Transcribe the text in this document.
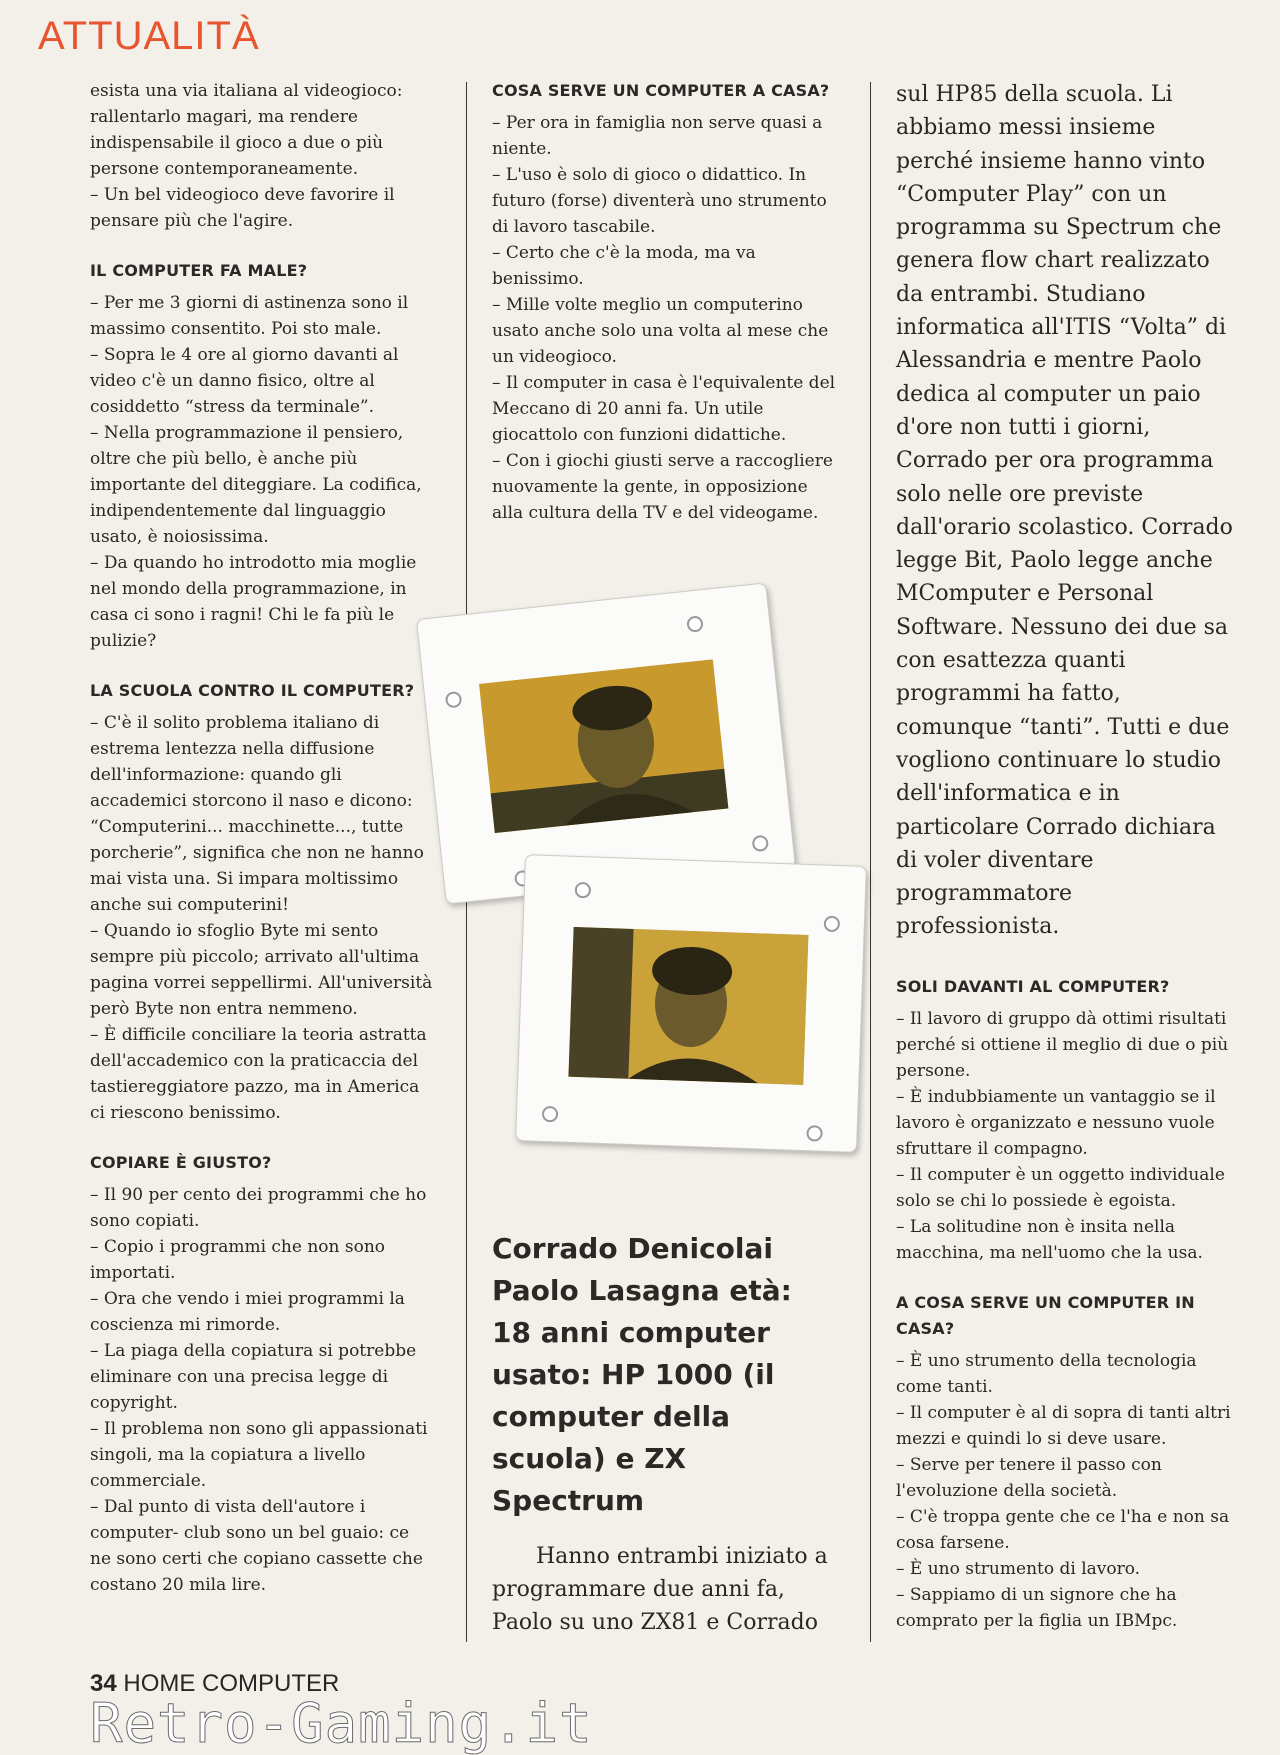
ATTUALITÀ

esista una via italiana al videogioco: rallentarlo magari, ma rendere indispensabile il gioco a due o più persone contemporaneamente.

– Un bel videogioco deve favorire il pensare più che l'agire.

IL COMPUTER FA MALE?

– Per me 3 giorni di astinenza sono il massimo consentito. Poi sto male.

– Sopra le 4 ore al giorno davanti al video c'è un danno fisico, oltre al cosiddetto “stress da terminale”.

– Nella programmazione il pensiero, oltre che più bello, è anche più importante del diteggiare. La codifica, indipendentemente dal linguaggio usato, è noiosissima.

– Da quando ho introdotto mia moglie nel mondo della programmazione, in casa ci sono i ragni! Chi le fa più le pulizie?

LA SCUOLA CONTRO IL COMPUTER?

– C'è il solito problema italiano di estrema lentezza nella diffusione dell'informazione: quando gli accademici storcono il naso e dicono: “Computerini... macchinette..., tutte porcherie”, significa che non ne hanno mai vista una. Si impara moltissimo anche sui computerini!

– Quando io sfoglio Byte mi sento sempre più piccolo; arrivato all'ultima pagina vorrei seppellirmi. All'università però Byte non entra nemmeno.

– È difficile conciliare la teoria astratta dell'accademico con la praticaccia del tastiereggiatore pazzo, ma in America ci riescono benissimo.

COPIARE È GIUSTO?

– Il 90 per cento dei programmi che ho sono copiati.

– Copio i programmi che non sono importati.

– Ora che vendo i miei programmi la coscienza mi rimorde.

– La piaga della copiatura si potrebbe eliminare con una precisa legge di copyright.

– Il problema non sono gli appassionati singoli, ma la copiatura a livello commerciale.

– Dal punto di vista dell'autore i computer- club sono un bel guaio: ce ne sono certi che copiano cassette che costano 20 mila lire.

COSA SERVE UN COMPUTER A CASA?

– Per ora in famiglia non serve quasi a niente.

– L'uso è solo di gioco o didattico. In futuro (forse) diventerà uno strumento di lavoro tascabile.

– Certo che c'è la moda, ma va benissimo.

– Mille volte meglio un computerino usato anche solo una volta al mese che un videogioco.

– Il computer in casa è l'equivalente del Meccano di 20 anni fa. Un utile giocattolo con funzioni didattiche.

– Con i giochi giusti serve a raccogliere nuovamente la gente, in opposizione alla cultura della TV e del videogame.

Corrado Denicolai Paolo Lasagna età: 18 anni computer usato: HP 1000 (il computer della scuola) e ZX Spectrum
Hanno entrambi iniziato a programmare due anni fa, Paolo su uno ZX81 e Corrado

sul HP85 della scuola. Li abbiamo messi insieme perché insieme hanno vinto “Computer Play” con un programma su Spectrum che genera flow chart realizzato da entrambi. Studiano informatica all'ITIS “Volta” di Alessandria e mentre Paolo dedica al computer un paio d'ore non tutti i giorni, Corrado per ora programma solo nelle ore previste dall'orario scolastico. Corrado legge Bit, Paolo legge anche MComputer e Personal Software. Nessuno dei due sa con esattezza quanti programmi ha fatto, comunque “tanti”. Tutti e due vogliono continuare lo studio dell'informatica e in particolare Corrado dichiara di voler diventare programmatore professionista.

SOLI DAVANTI AL COMPUTER?

– Il lavoro di gruppo dà ottimi risultati perché si ottiene il meglio di due o più persone.

– È indubbiamente un vantaggio se il lavoro è organizzato e nessuno vuole sfruttare il compagno.

– Il computer è un oggetto individuale solo se chi lo possiede è egoista.

– La solitudine non è insita nella macchina, ma nell'uomo che la usa.

A COSA SERVE UN COMPUTER IN CASA?

– È uno strumento della tecnologia come tanti.

– Il computer è al di sopra di tanti altri mezzi e quindi lo si deve usare.

– Serve per tenere il passo con l'evoluzione della società.

– C'è troppa gente che ce l'ha e non sa cosa farsene.

– È uno strumento di lavoro.

– Sappiamo di un signore che ha comprato per la figlia un IBMpc.

34 HOME COMPUTER
Retro-Gaming.it
